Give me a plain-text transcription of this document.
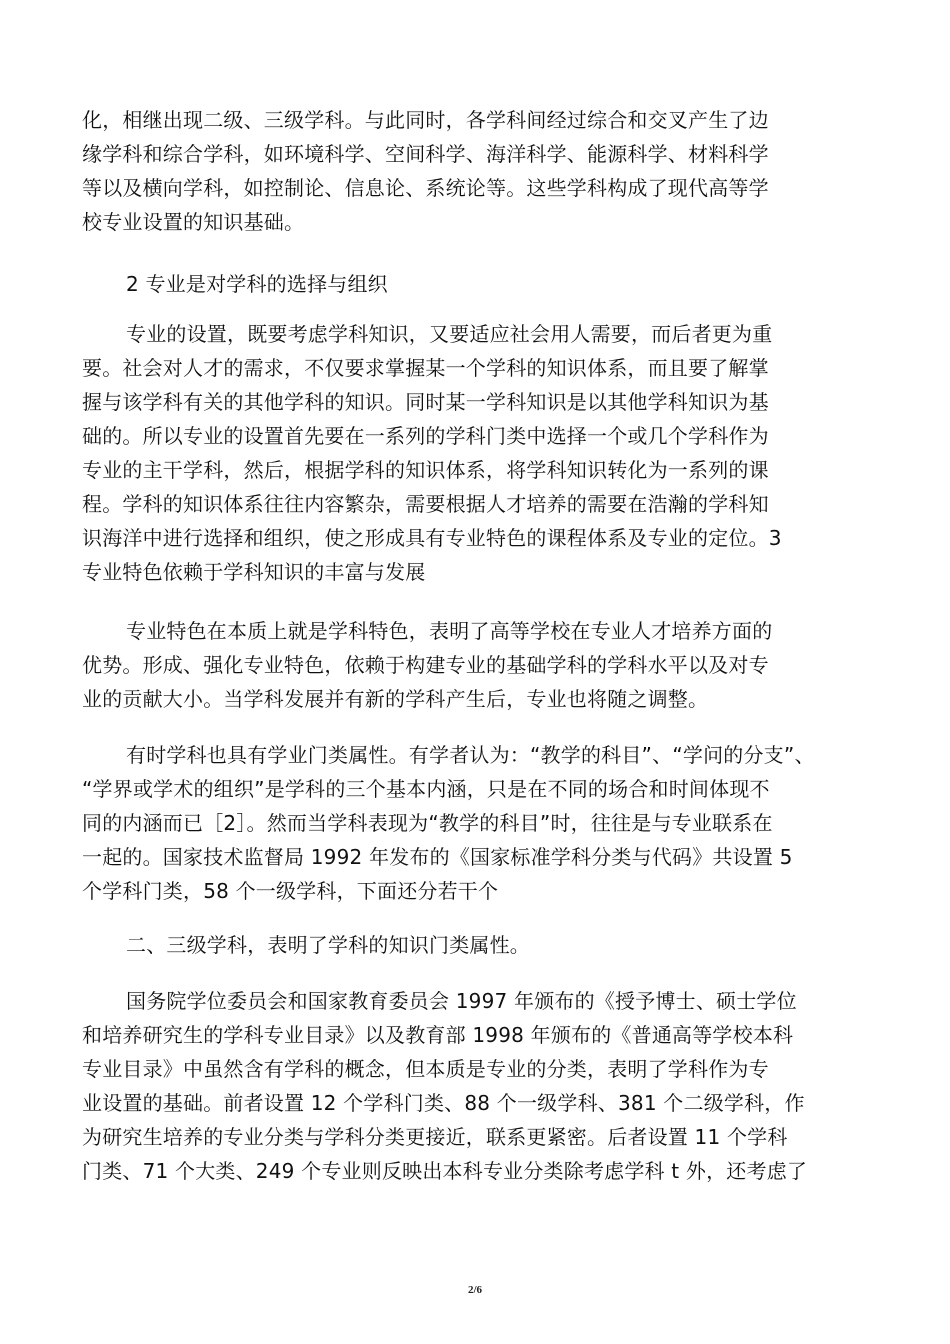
化，相继出现二级、三级学科。与此同时，各学科间经过综合和交叉产生了边
缘学科和综合学科，如环境科学、空间科学、海洋科学、能源科学、材料科学
等以及横向学科，如控制论、信息论、系统论等。这些学科构成了现代高等学
校专业设置的知识基础。
2 专业是对学科的选择与组织
专业的设置，既要考虑学科知识，又要适应社会用人需要，而后者更为重
要。社会对人才的需求，不仅要求掌握某一个学科的知识体系，而且要了解掌
握与该学科有关的其他学科的知识。同时某一学科知识是以其他学科知识为基
础的。所以专业的设置首先要在一系列的学科门类中选择一个或几个学科作为
专业的主干学科，然后，根据学科的知识体系，将学科知识转化为一系列的课
程。学科的知识体系往往内容繁杂，需要根据人才培养的需要在浩瀚的学科知
识海洋中进行选择和组织，使之形成具有专业特色的课程体系及专业的定位。3
专业特色依赖于学科知识的丰富与发展
专业特色在本质上就是学科特色，表明了高等学校在专业人才培养方面的
优势。形成、强化专业特色，依赖于构建专业的基础学科的学科水平以及对专
业的贡献大小。当学科发展并有新的学科产生后，专业也将随之调整。
有时学科也具有学业门类属性。有学者认为：“教学的科目”、“学问的分支”、
“学界或学术的组织”是学科的三个基本内涵，只是在不同的场合和时间体现不
同的内涵而已［2］。然而当学科表现为“教学的科目”时，往往是与专业联系在
一起的。国家技术监督局 1992 年发布的《国家标准学科分类与代码》共设置 5
个学科门类，58 个一级学科，下面还分若干个
二、三级学科，表明了学科的知识门类属性。
国务院学位委员会和国家教育委员会 1997 年颁布的《授予博士、硕士学位
和培养研究生的学科专业目录》以及教育部 1998 年颁布的《普通高等学校本科
专业目录》中虽然含有学科的概念，但本质是专业的分类，表明了学科作为专
业设置的基础。前者设置 12 个学科门类、88 个一级学科、381 个二级学科，作
为研究生培养的专业分类与学科分类更接近，联系更紧密。后者设置 11 个学科
门类、71 个大类、249 个专业则反映出本科专业分类除考虑学科 t 外，还考虑了
2/6
